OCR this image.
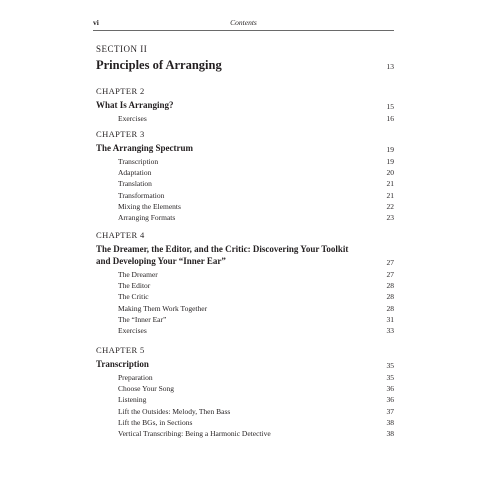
vi	Contents
SECTION II
Principles of Arranging	13
CHAPTER 2
What Is Arranging?	15
Exercises	16
CHAPTER 3
The Arranging Spectrum	19
Transcription	19
Adaptation	20
Translation	21
Transformation	21
Mixing the Elements	22
Arranging Formats	23
CHAPTER 4
The Dreamer, the Editor, and the Critic: Discovering Your Toolkit and Developing Your “Inner Ear”	27
The Dreamer	27
The Editor	28
The Critic	28
Making Them Work Together	28
The “Inner Ear”	31
Exercises	33
CHAPTER 5
Transcription	35
Preparation	35
Choose Your Song	36
Listening	36
Lift the Outsides: Melody, Then Bass	37
Lift the BGs, in Sections	38
Vertical Transcribing: Being a Harmonic Detective	38
